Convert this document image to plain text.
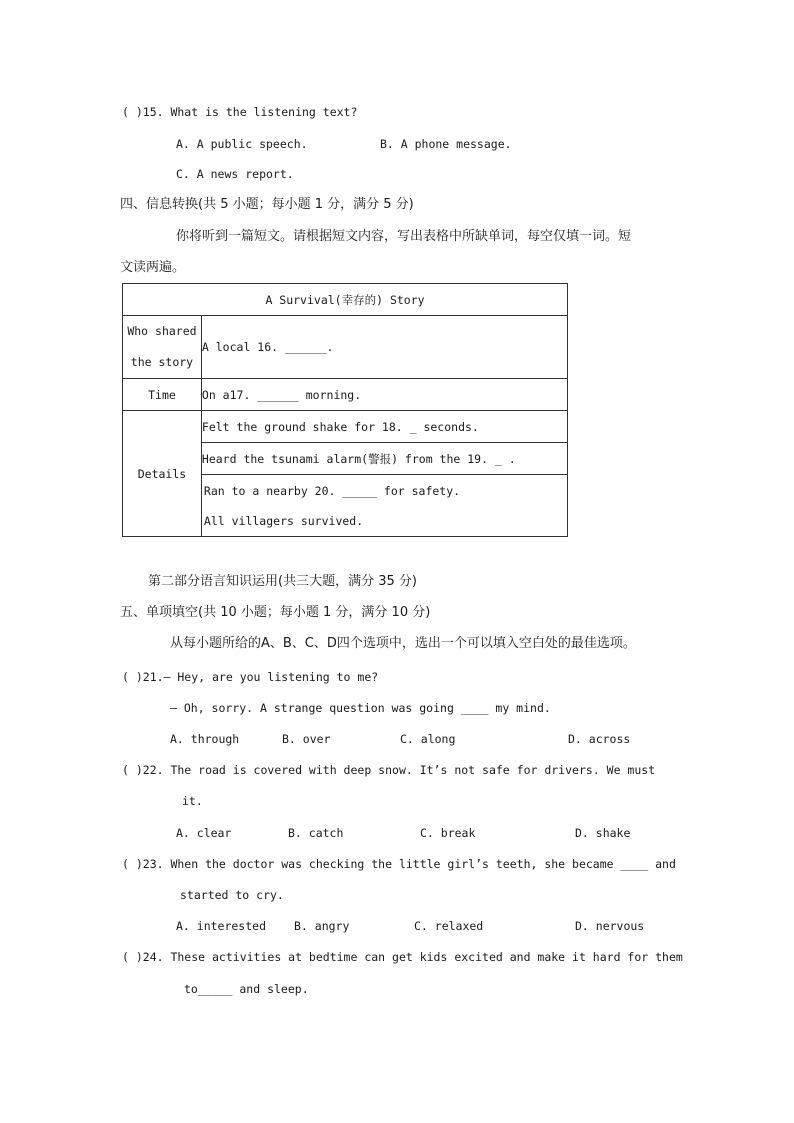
( )15. What is the listening text?
A. A public speech.	B. A phone message.
C. A news report.
四、信息转换(共 5 小题；每小题 1 分，满分 5 分)
你将听到一篇短文。请根据短文内容，写出表格中所缺单词，每空仅填一词。短
文读两遍。
A Survival(幸存的) Story	

Who shared
the story	A local 16. ______.
Time	On a17. ______ morning.
Details	Felt the ground shake for 18. _ seconds.
	Heard the tsunami alarm(警报) from the 19. _ .

	Ran to a nearby 20. _____ for safety.
All villagers survived.
第二部分语言知识运用(共三大题，满分 35 分)
五、单项填空(共 10 小题；每小题 1 分，满分 10 分)
从每小题所给的A、B、C、D四个选项中，选出一个可以填入空白处的最佳选项。
( )21.— Hey, are you listening to me?
— Oh, sorry. A strange question was going ____ my mind.
A. through	B. over	C. along	D. across
( )22. The road is covered with deep snow. It’s not safe for drivers. We must
it.
A. clear	B. catch	C. break	D. shake
( )23. When the doctor was checking the little girl’s teeth, she became ____ and
started to cry.
A. interested B. angry	C. relaxed	D. nervous
( )24. These activities at bedtime can get kids excited and make it hard for them
to_____ and sleep.
